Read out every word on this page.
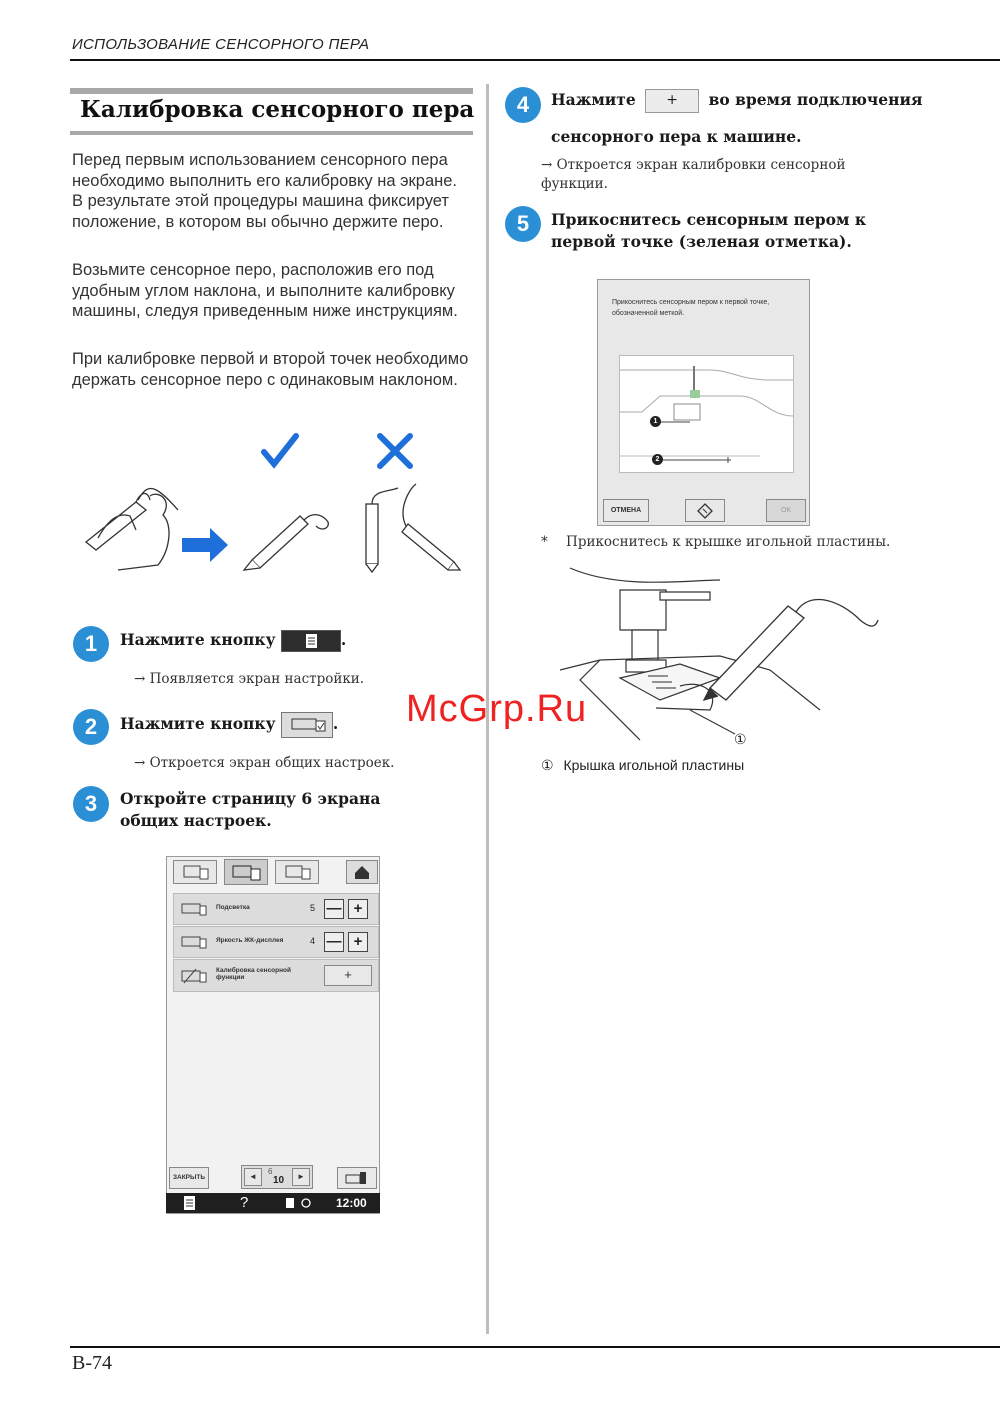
ИСПОЛЬЗОВАНИЕ СЕНСОРНОГО ПЕРА
Калибровка сенсорного пера
Перед первым использованием сенсорного пера необходимо выполнить его калибровку на экране. В результате этой процедуры машина фиксирует положение, в котором вы обычно держите перо.
Возьмите сенсорное перо, расположив его под удобным углом наклона, и выполните калибровку машины, следуя приведенным ниже инструкциям.
При калибровке первой и второй точек необходимо держать сенсорное перо с одинаковым наклоном.
1	Нажмите кнопку	.
→ Появляется экран настройки.
2	Нажмите кнопку	.
→ Откроется экран общих настроек.
3	Откройте страницу 6 экрана общих настроек.
Подсветка	5 — +
Яркость ЖК-дисплея	4 — +
Калибровка сенсорной функции	+
ЗАКРЫТЬ	◄
6
10	►
?	12:00
4	Нажмите + во время подключения
сенсорного пера к машине.
→ Откроется экран калибровки сенсорной функции.
5	Прикоснитесь сенсорным пером к первой точке (зеленая отметка).
Прикоснитесь сенсорным пером к первой точке, обозначенной меткой.
1
2
ОТМЕНА	OK
* Прикоснитесь к крышке игольной пластины.
①
① Крышка игольной пластины
McGrp.Ru
B-74
